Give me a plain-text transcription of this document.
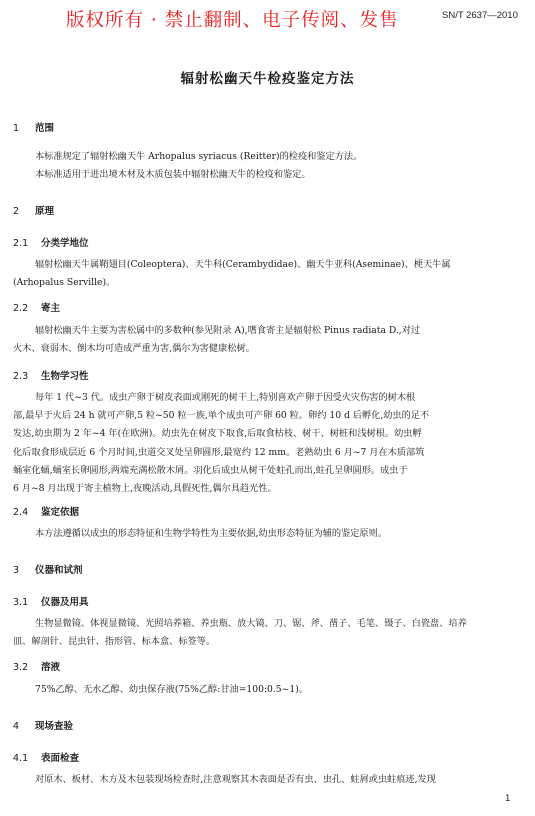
版权所有 · 禁止翻制、电子传阅、发售	SN/T 2637—2010
辐射松幽天牛检疫鉴定方法
1 范围
本标准规定了辐射松幽天牛 Arhopalus syriacus (Reitter)的检疫和鉴定方法。
本标准适用于进出境木材及木质包装中辐射松幽天牛的检疫和鉴定。
2 原理
2.1 分类学地位
辐射松幽天牛属鞘翅目(Coleoptera)、天牛科(Cerambydidae)、幽天牛亚科(Aseminae)、梗天牛属
(Arhopalus Serville)。
2.2 寄主
辐射松幽天牛主要为害松属中的多数种(参见附录 A),嗜食寄主是辐射松 Pinus radiata D.,对过
火木、衰弱木、倒木均可造成严重为害,偶尔为害健康松树。
2.3 生物学习性
每年 1 代~3 代。成虫产卵于树皮表面或刚死的树干上,特别喜欢产卵于因受火灾伤害的树木根
部,最早于火后 24 h 就可产卵,5 粒~50 粒一族,单个成虫可产卵 60 粒。卵约 10 d 后孵化,幼虫的足不
发达,幼虫期为 2 年~4 年(在欧洲)。幼虫先在树皮下取食,后取食枯枝、树干、树桩和浅树根。幼虫孵
化后取食形成层近 6 个月时间,虫道交叉处呈卵圆形,最宽约 12 mm。老熟幼虫 6 月~7 月在木质部筑
蛹室化蛹,蛹室长卵圆形,两端充满松散木屑。羽化后成虫从树干处蛀孔而出,蛀孔呈卵圆形。成虫于
6 月~8 月出现于寄主植物上,夜晚活动,具假死性,偶尔具趋光性。
2.4 鉴定依据
本方法遵循以成虫的形态特征和生物学特性为主要依据,幼虫形态特征为辅的鉴定原则。
3 仪器和试剂
3.1 仪器及用具
生物显微镜、体视显微镜、光照培养箱、养虫瓶、放大镜、刀、锯、斧、凿子、毛笔、镊子、白瓷盘、培养
皿、解剖针、昆虫针、指形管、标本盒、标签等。
3.2 溶液
75%乙醇、无水乙醇、幼虫保存液(75%乙醇:甘油=100:0.5~1)。
4 现场查验
4.1 表面检查
对原木、板材、木方及木包装现场检查时,注意观察其木表面是否有虫、虫孔、蛀屑或虫蛀痕迹,发现
1
